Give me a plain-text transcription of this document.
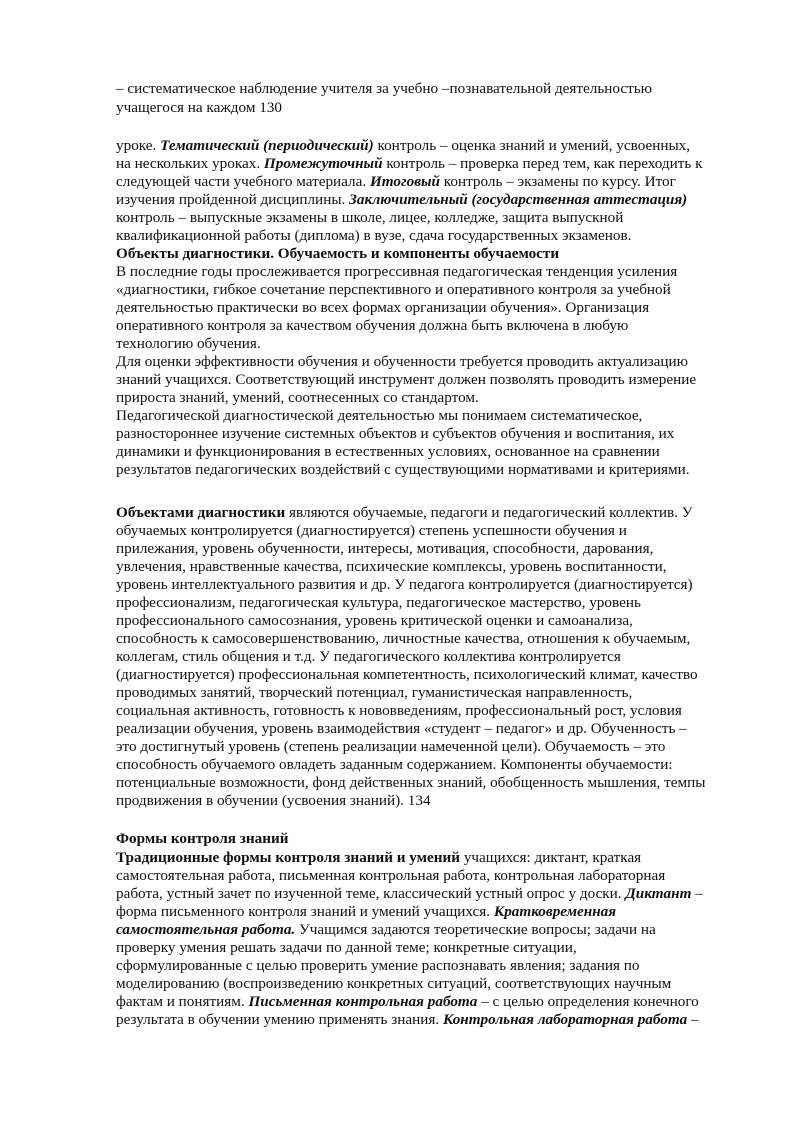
– систематическое наблюдение учителя за учебно –познавательной деятельностью
учащегося на каждом 130
уроке. Тематический (периодический) контроль – оценка знаний и умений, усвоенных,
на нескольких уроках. Промежуточный контроль – проверка перед тем, как переходить к
следующей части учебного материала. Итоговый контроль – экзамены по курсу. Итог
изучения пройденной дисциплины. Заключительный (государственная аттестация)
контроль – выпускные экзамены в школе, лицее, колледже, защита выпускной
квалификационной работы (диплома) в вузе, сдача государственных экзаменов.
Объекты диагностики. Обучаемость и компоненты обучаемости
В последние годы прослеживается прогрессивная педагогическая тенденция усиления
«диагностики, гибкое сочетание перспективного и оперативного контроля за учебной
деятельностью практически во всех формах организации обучения». Организация
оперативного контроля за качеством обучения должна быть включена в любую
технологию обучения.
Для оценки эффективности обучения и обученности требуется проводить актуализацию
знаний учащихся. Соответствующий инструмент должен позволять проводить измерение
прироста знаний, умений, соотнесенных со стандартом.
Педагогической диагностической деятельностью мы понимаем систематическое,
разностороннее изучение системных объектов и субъектов обучения и воспитания, их
динамики и функционирования в естественных условиях, основанное на сравнении
результатов педагогических воздействий с существующими нормативами и критериями.
Объектами диагностики являются обучаемые, педагоги и педагогический коллектив. У
обучаемых контролируется (диагностируется) степень успешности обучения и
прилежания, уровень обученности, интересы, мотивация, способности, дарования,
увлечения, нравственные качества, психические комплексы, уровень воспитанности,
уровень интеллектуального развития и др. У педагога контролируется (диагностируется)
профессионализм, педагогическая культура, педагогическое мастерство, уровень
профессионального самосознания, уровень критической оценки и самоанализа,
способность к самосовершенствованию, личностные качества, отношения к обучаемым,
коллегам, стиль общения и т.д. У педагогического коллектива контролируется
(диагностируется) профессиональная компетентность, психологический климат, качество
проводимых занятий, творческий потенциал, гуманистическая направленность,
социальная активность, готовность к нововведениям, профессиональный рост, условия
реализации обучения, уровень взаимодействия «студент – педагог» и др. Обученность –
это достигнутый уровень (степень реализации намеченной цели). Обучаемость – это
способность обучаемого овладеть заданным содержанием. Компоненты обучаемости:
потенциальные возможности, фонд действенных знаний, обобщенность мышления, темпы
продвижения в обучении (усвоения знаний). 134
Формы контроля знаний
Традиционные формы контроля знаний и умений учащихся: диктант, краткая
самостоятельная работа, письменная контрольная работа, контрольная лабораторная
работа, устный зачет по изученной теме, классический устный опрос у доски. Диктант –
форма письменного контроля знаний и умений учащихся. Кратковременная
самостоятельная работа. Учащимся задаются теоретические вопросы; задачи на
проверку умения решать задачи по данной теме; конкретные ситуации,
сформулированные с целью проверить умение распознавать явления; задания по
моделированию (воспроизведению конкретных ситуаций, соответствующих научным
фактам и понятиям. Письменная контрольная работа – с целью определения конечного
результата в обучении умению применять знания. Контрольная лабораторная работа –
